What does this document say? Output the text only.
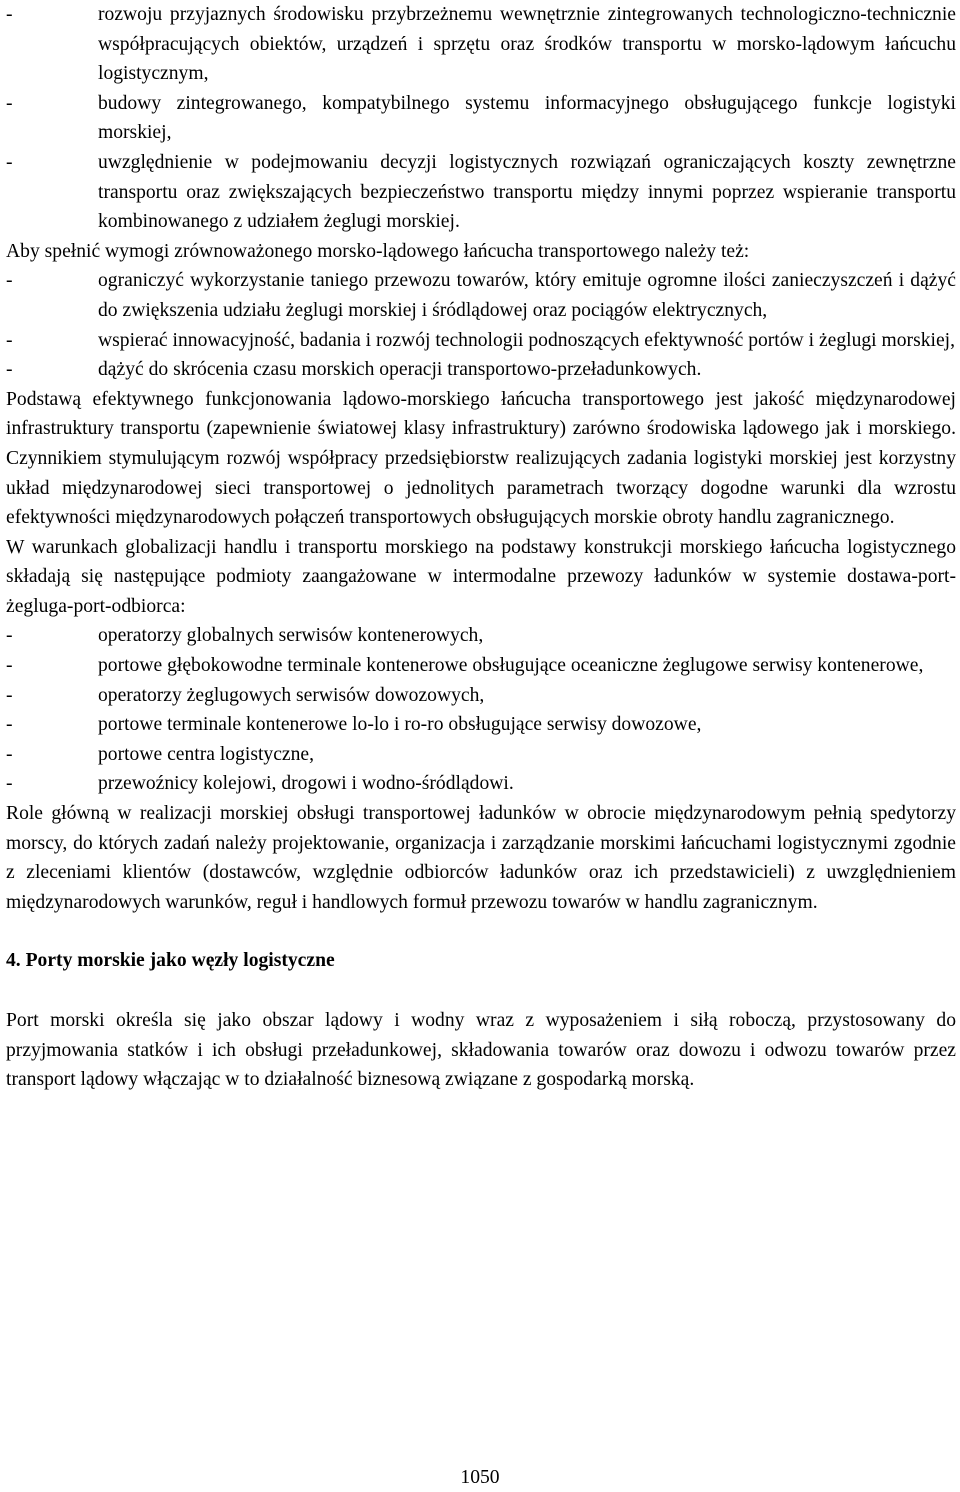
-	rozwoju przyjaznych środowisku przybrzeżnemu wewnętrznie zintegrowanych technologiczno-technicznie współpracujących obiektów, urządzeń i sprzętu oraz środków transportu w morsko-lądowym łańcuchu logistycznym,
-	budowy zintegrowanego, kompatybilnego systemu informacyjnego obsługującego funkcje logistyki morskiej,
-	uwzględnienie w podejmowaniu decyzji logistycznych rozwiązań ograniczających koszty zewnętrzne transportu oraz zwiększających bezpieczeństwo transportu między innymi poprzez wspieranie transportu kombinowanego z udziałem żeglugi morskiej.
Aby spełnić wymogi zrównoważonego morsko-lądowego łańcucha transportowego należy też:
-	ograniczyć wykorzystanie taniego przewozu towarów, który emituje ogromne ilości zanieczyszczeń i dążyć do zwiększenia udziału żeglugi morskiej i śródlądowej oraz pociągów elektrycznych,
-	wspierać innowacyjność, badania i rozwój technologii podnoszących efektywność portów i żeglugi morskiej,
-	dążyć do skrócenia czasu morskich operacji transportowo-przeładunkowych.
Podstawą efektywnego funkcjonowania lądowo-morskiego łańcucha transportowego jest jakość międzynarodowej infrastruktury transportu (zapewnienie światowej klasy infrastruktury) zarówno środowiska lądowego jak i morskiego. Czynnikiem stymulującym rozwój współpracy przedsiębiorstw realizujących zadania logistyki morskiej jest korzystny układ międzynarodowej sieci transportowej o jednolitych parametrach tworzący dogodne warunki dla wzrostu efektywności międzynarodowych połączeń transportowych obsługujących morskie obroty handlu zagranicznego.
W warunkach globalizacji handlu i transportu morskiego na podstawy konstrukcji morskiego łańcucha logistycznego składają się następujące podmioty zaangażowane w intermodalne przewozy ładunków w systemie dostawa-port-żegluga-port-odbiorca:
-	operatorzy globalnych serwisów kontenerowych,
-	portowe głębokowodne terminale kontenerowe obsługujące oceaniczne żeglugowe serwisy kontenerowe,
-	operatorzy żeglugowych serwisów dowozowych,
-	portowe terminale kontenerowe lo-lo i ro-ro obsługujące serwisy dowozowe,
-	portowe centra logistyczne,
-	przewoźnicy kolejowi, drogowi i wodno-śródlądowi.
Role główną w realizacji morskiej obsługi transportowej ładunków w obrocie międzynarodowym pełnią spedytorzy morscy, do których zadań należy projektowanie, organizacja i zarządzanie morskimi łańcuchami logistycznymi zgodnie z zleceniami klientów (dostawców, względnie odbiorców ładunków oraz ich przedstawicieli) z uwzględnieniem międzynarodowych warunków, reguł i handlowych formuł przewozu towarów w handlu zagranicznym.
4. Porty morskie jako węzły logistyczne
Port morski określa się jako obszar lądowy i wodny wraz z wyposażeniem i siłą roboczą, przystosowany do przyjmowania statków i ich obsługi przeładunkowej, składowania towarów oraz dowozu i odwozu towarów przez transport lądowy włączając w to działalność biznesową związane z gospodarką morską.
1050
